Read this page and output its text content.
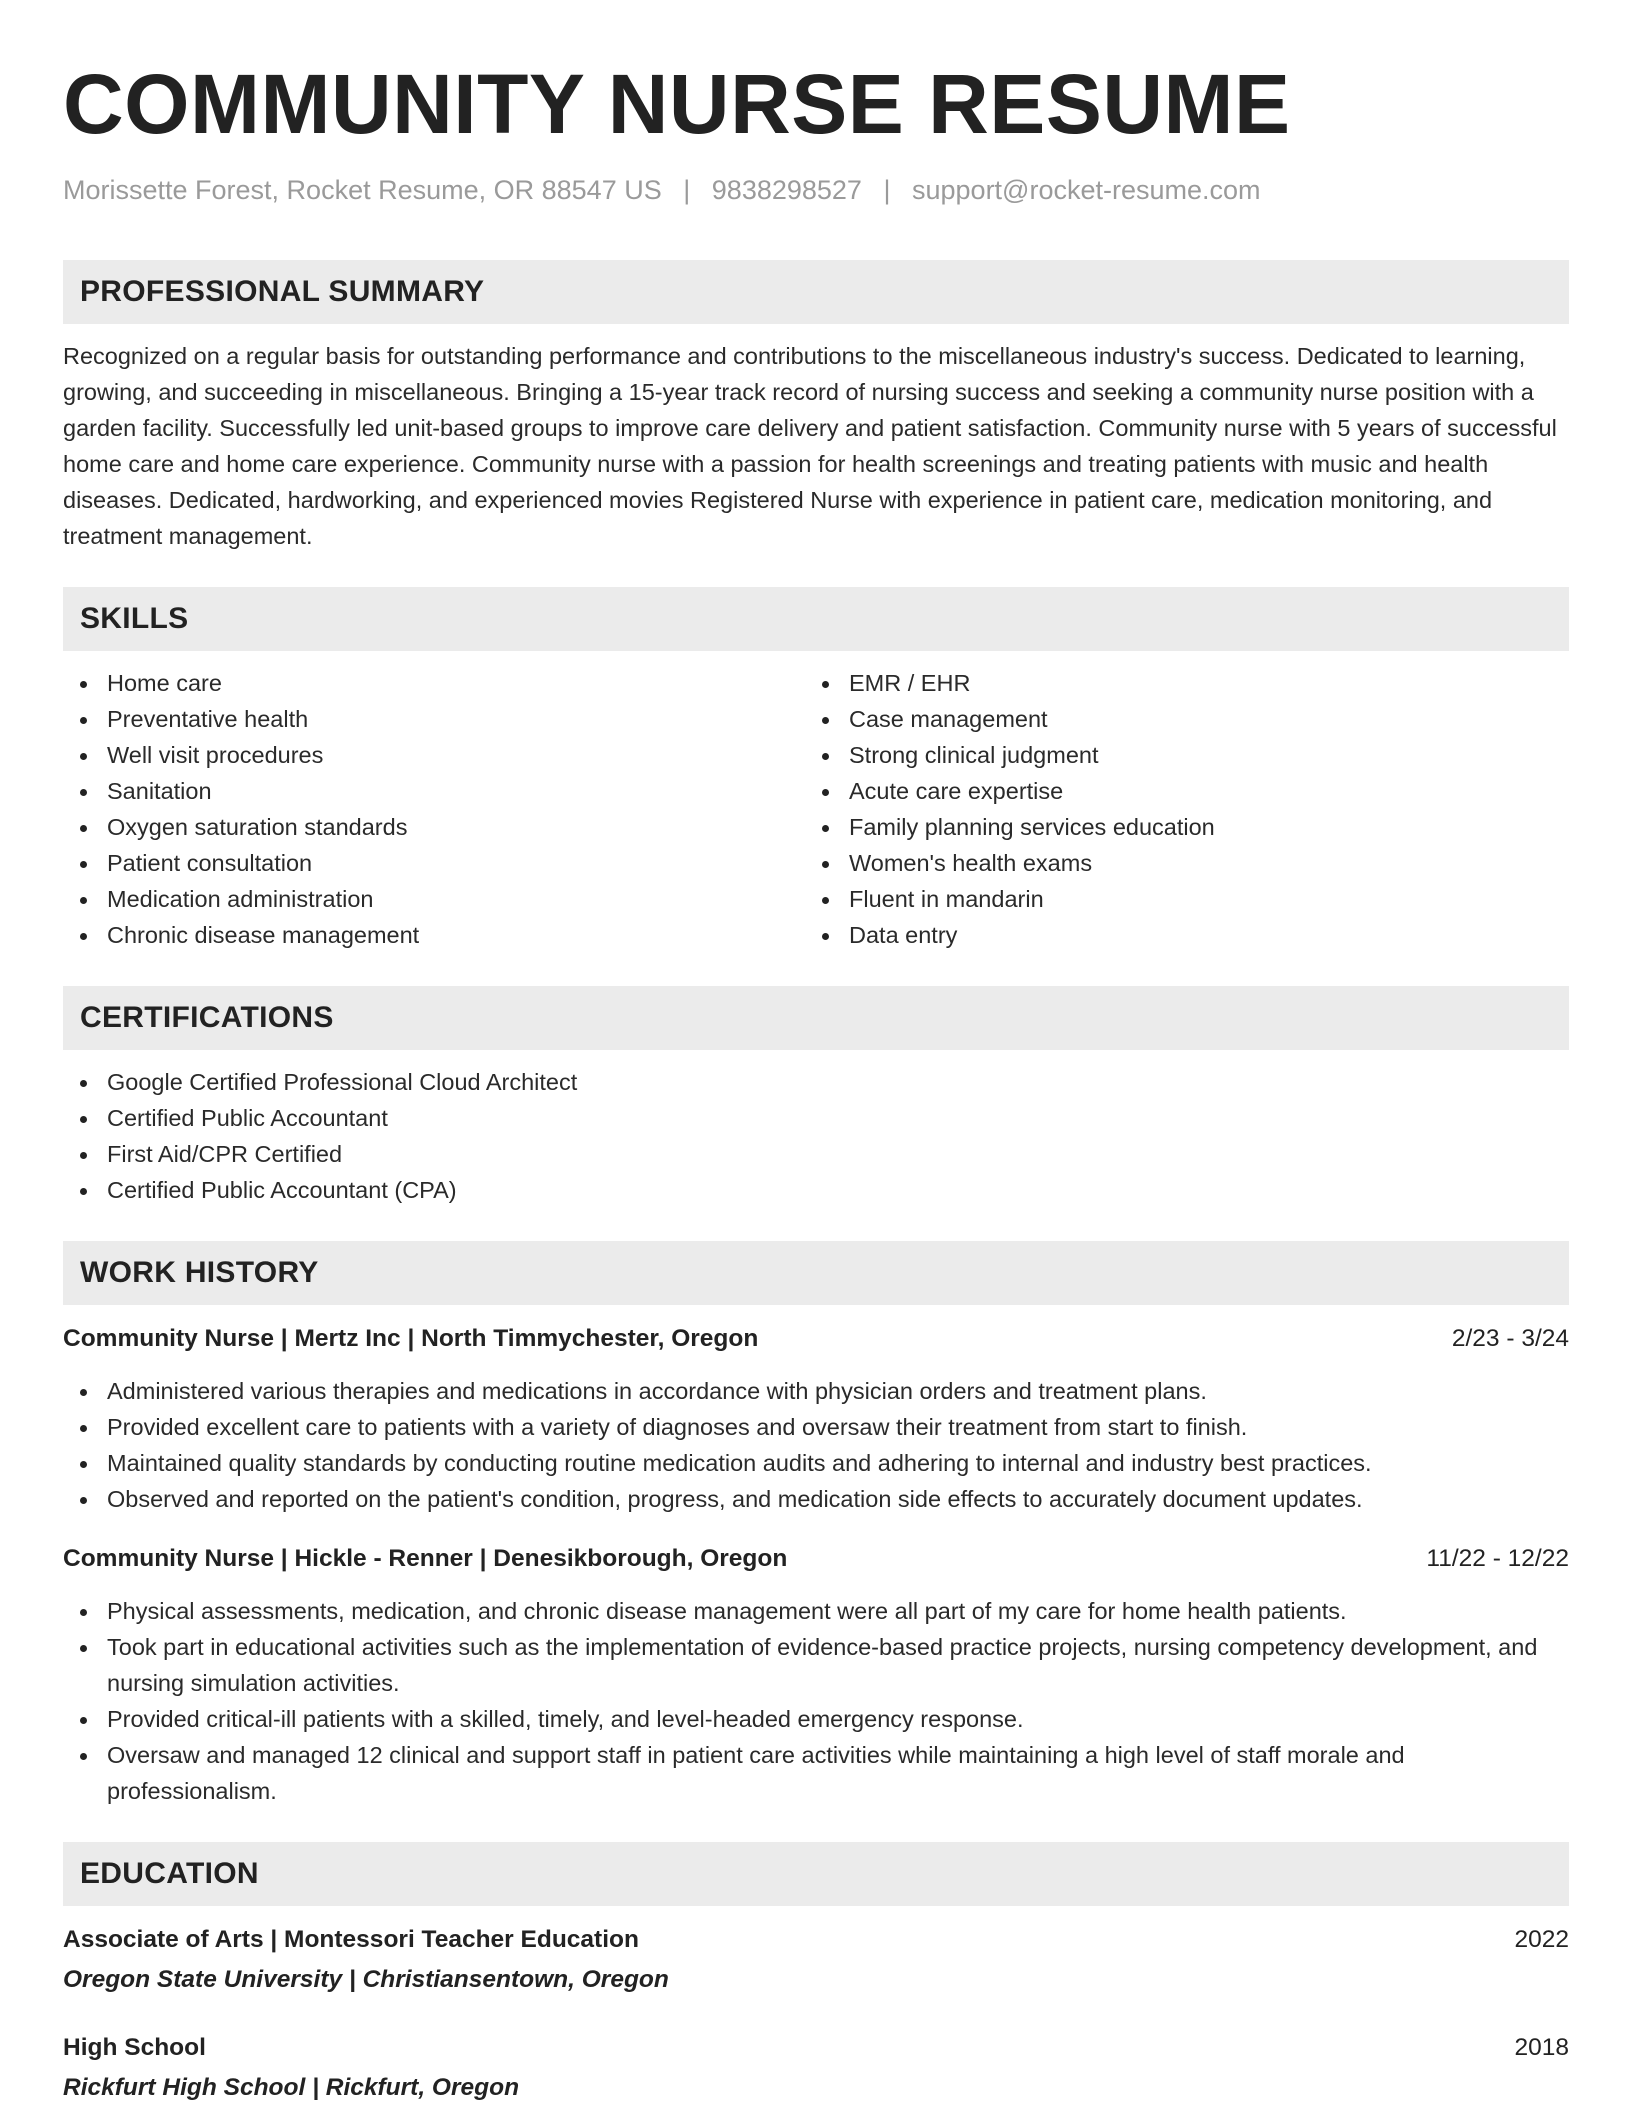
COMMUNITY NURSE RESUME
Morissette Forest, Rocket Resume, OR 88547 US | 9838298527 | support@rocket-resume.com
PROFESSIONAL SUMMARY
Recognized on a regular basis for outstanding performance and contributions to the miscellaneous industry's success. Dedicated to learning, growing, and succeeding in miscellaneous. Bringing a 15-year track record of nursing success and seeking a community nurse position with a garden facility. Successfully led unit-based groups to improve care delivery and patient satisfaction. Community nurse with 5 years of successful home care and home care experience. Community nurse with a passion for health screenings and treating patients with music and health diseases. Dedicated, hardworking, and experienced movies Registered Nurse with experience in patient care, medication monitoring, and treatment management.
SKILLS
Home care
Preventative health
Well visit procedures
Sanitation
Oxygen saturation standards
Patient consultation
Medication administration
Chronic disease management
EMR / EHR
Case management
Strong clinical judgment
Acute care expertise
Family planning services education
Women's health exams
Fluent in mandarin
Data entry
CERTIFICATIONS
Google Certified Professional Cloud Architect
Certified Public Accountant
First Aid/CPR Certified
Certified Public Accountant (CPA)
WORK HISTORY
Community Nurse | Mertz Inc | North Timmychester, Oregon	2/23 - 3/24
Administered various therapies and medications in accordance with physician orders and treatment plans.
Provided excellent care to patients with a variety of diagnoses and oversaw their treatment from start to finish.
Maintained quality standards by conducting routine medication audits and adhering to internal and industry best practices.
Observed and reported on the patient's condition, progress, and medication side effects to accurately document updates.
Community Nurse | Hickle - Renner | Denesikborough, Oregon	11/22 - 12/22
Physical assessments, medication, and chronic disease management were all part of my care for home health patients.
Took part in educational activities such as the implementation of evidence-based practice projects, nursing competency development, and nursing simulation activities.
Provided critical-ill patients with a skilled, timely, and level-headed emergency response.
Oversaw and managed 12 clinical and support staff in patient care activities while maintaining a high level of staff morale and professionalism.
EDUCATION
Associate of Arts | Montessori Teacher Education	2022
Oregon State University | Christiansentown, Oregon
High School	2018
Rickfurt High School | Rickfurt, Oregon
